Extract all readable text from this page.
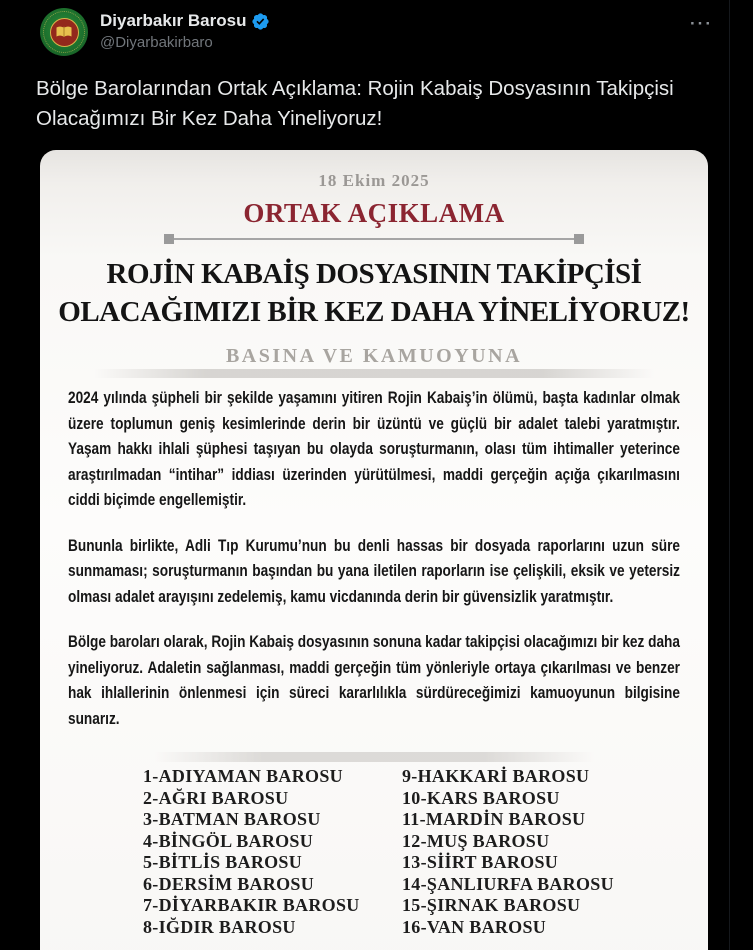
Diyarbakır Barosu
@Diyarbakirbaro
···
Bölge Barolarından Ortak Açıklama: Rojin Kabaiş Dosyasının Takipçisi Olacağımızı Bir Kez Daha Yineliyoruz!
18 Ekim 2025
ORTAK AÇIKLAMA
ROJİN KABAİŞ DOSYASININ TAKİPÇİSİ
OLACAĞIMIZI BİR KEZ DAHA YİNELİYORUZ!
BASINA VE KAMUOYUNA

2024 yılında şüpheli bir şekilde yaşamını yitiren Rojin Kabaiş’in ölümü, başta kadınlar olmak üzere toplumun geniş kesimlerinde derin bir üzüntü ve güçlü bir adalet talebi yaratmıştır. Yaşam hakkı ihlali şüphesi taşıyan bu olayda soruşturmanın, olası tüm ihtimaller yeterince araştırılmadan “intihar” iddiası üzerinden yürütülmesi, maddi gerçeğin açığa çıkarılmasını ciddi biçimde engellemiştir.

Bununla birlikte, Adli Tıp Kurumu’nun bu denli hassas bir dosyada raporlarını uzun süre sunmaması; soruşturmanın başından bu yana iletilen raporların ise çelişkili, eksik ve yetersiz olması adalet arayışını zedelemiş, kamu vicdanında derin bir güvensizlik yaratmıştır.

Bölge baroları olarak, Rojin Kabaiş dosyasının sonuna kadar takipçisi olacağımızı bir kez daha yineliyoruz. Adaletin sağlanması, maddi gerçeğin tüm yönleriyle ortaya çıkarılması ve benzer hak ihlallerinin önlenmesi için süreci kararlılıkla sürdüreceğimizi kamuoyunun bilgisine sunarız.

1-ADIYAMAN BAROSU
2-AĞRI BAROSU
3-BATMAN BAROSU
4-BİNGÖL BAROSU
5-BİTLİS BAROSU
6-DERSİM BAROSU
7-DİYARBAKIR BAROSU
8-IĞDIR BAROSU
9-HAKKARİ BAROSU
10-KARS BAROSU
11-MARDİN BAROSU
12-MUŞ BAROSU
13-SİİRT BAROSU
14-ŞANLIURFA BAROSU
15-ŞIRNAK BAROSU
16-VAN BAROSU
